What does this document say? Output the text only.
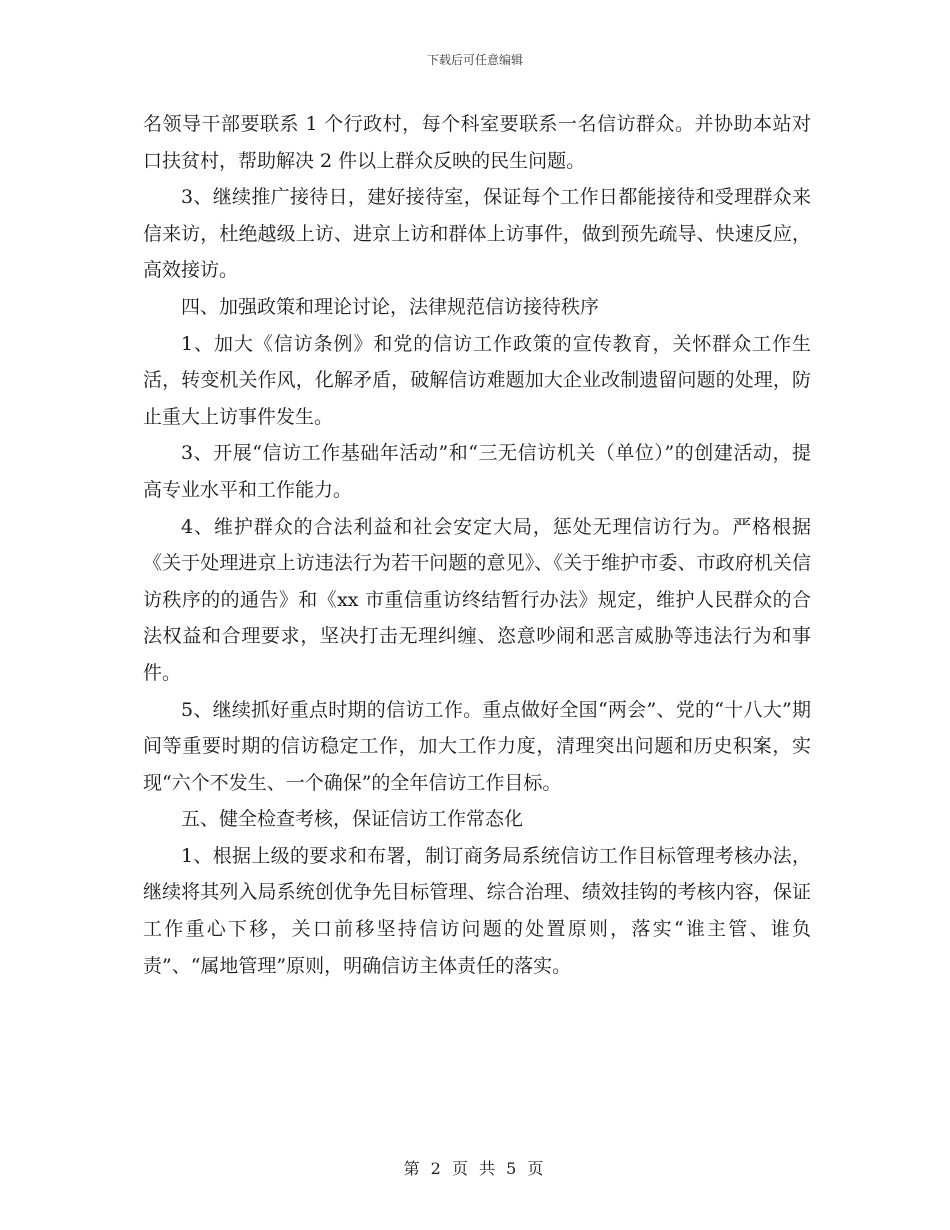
下载后可任意编辑

名领导干部要联系 1 个行政村，每个科室要联系一名信访群众。并协助本站对口扶贫村，帮助解决 2 件以上群众反映的民生问题。

3、继续推广接待日，建好接待室，保证每个工作日都能接待和受理群众来信来访，杜绝越级上访、进京上访和群体上访事件，做到预先疏导、快速反应，高效接访。

四、加强政策和理论讨论，法律规范信访接待秩序

1、加大《信访条例》和党的信访工作政策的宣传教育，关怀群众工作生活，转变机关作风，化解矛盾，破解信访难题加大企业改制遗留问题的处理，防止重大上访事件发生。

3、开展“信访工作基础年活动”和“三无信访机关（单位）”的创建活动，提高专业水平和工作能力。

4、维护群众的合法利益和社会安定大局，惩处无理信访行为。严格根据《关于处理进京上访违法行为若干问题的意见》、《关于维护市委、市政府机关信访秩序的的通告》和《xx 市重信重访终结暂行办法》规定，维护人民群众的合法权益和合理要求，坚决打击无理纠缠、恣意吵闹和恶言威胁等违法行为和事件。

5、继续抓好重点时期的信访工作。重点做好全国“两会”、党的“十八大”期间等重要时期的信访稳定工作，加大工作力度，清理突出问题和历史积案，实现“六个不发生、一个确保”的全年信访工作目标。

五、健全检查考核，保证信访工作常态化

1、根据上级的要求和布署，制订商务局系统信访工作目标管理考核办法，继续将其列入局系统创优争先目标管理、综合治理、绩效挂钩的考核内容，保证工作重心下移，关口前移坚持信访问题的处置原则，落实“谁主管、谁负责”、“属地管理”原则，明确信访主体责任的落实。

第 2 页 共 5 页
